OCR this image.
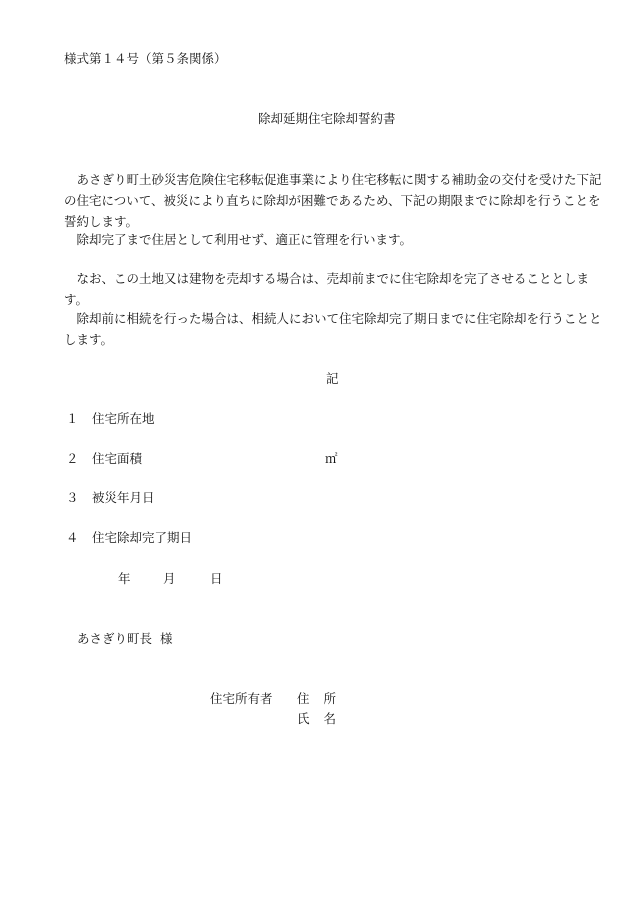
様式第１４号（第５条関係）
除却延期住宅除却誓約書
あさぎり町土砂災害危険住宅移転促進事業により住宅移転に関する補助金の交付を受けた下記の住宅について、被災により直ちに除却が困難であるため、下記の期限までに除却を行うことを誓約します。
除却完了まで住居として利用せず、適正に管理を行います。
なお、この土地又は建物を売却する場合は、売却前までに住宅除却を完了させることとします。
除却前に相続を行った場合は、相続人において住宅除却完了期日までに住宅除却を行うこととします。
記
１ 住宅所在地
２ 住宅面積	㎡
３ 被災年月日
４ 住宅除却完了期日
年	月	日
あさぎり町長 様
住宅所有者 住 所
氏 名
